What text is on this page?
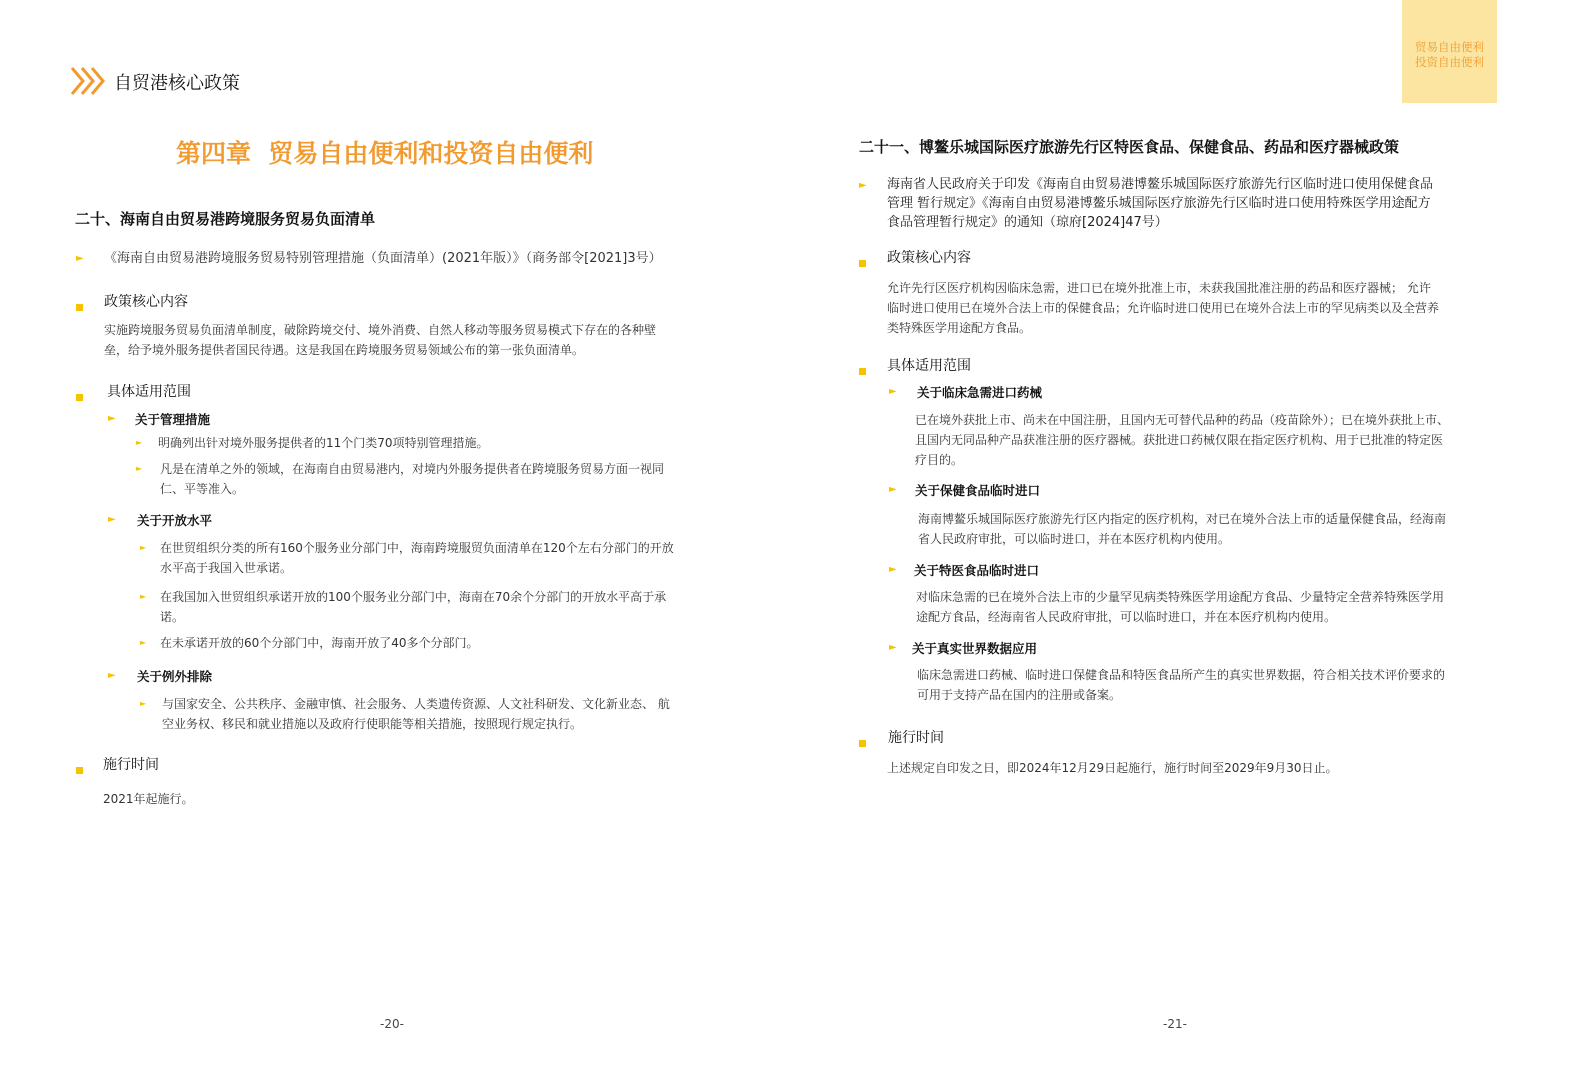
自贸港核心政策
第四章  贸易自由便利和投资自由便利
二十、海南自由贸易港跨境服务贸易负面清单
► 《海南自由贸易港跨境服务贸易特别管理措施（负面清单）(2021年版）》（商务部令[2021]3号）
政策核心内容
实施跨境服务贸易负面清单制度，破除跨境交付、境外消费、自然人移动等服务贸易模式下存在的各种壁
垒，给予境外服务提供者国民待遇。这是我国在跨境服务贸易领域公布的第一张负面清单。
具体适用范围
► 关于管理措施
► 明确列出针对境外服务提供者的11个门类70项特别管理措施。
► 凡是在清单之外的领域，在海南自由贸易港内，对境内外服务提供者在跨境服务贸易方面一视同
仁、平等准入。
► 关于开放水平
► 在世贸组织分类的所有160个服务业分部门中，海南跨境服贸负面清单在120个左右分部门的开放
水平高于我国入世承诺。
► 在我国加入世贸组织承诺开放的100个服务业分部门中，海南在70余个分部门的开放水平高于承
诺。
► 在未承诺开放的60个分部门中，海南开放了40多个分部门。
► 关于例外排除
► 与国家安全、公共秩序、金融审慎、社会服务、人类遗传资源、人文社科研发、文化新业态、 航
空业务权、移民和就业措施以及政府行使职能等相关措施，按照现行规定执行。
施行时间
2021年起施行。
-20-
贸易自由便利
投资自由便利
二十一、博鳌乐城国际医疗旅游先行区特医食品、保健食品、药品和医疗器械政策
► 海南省人民政府关于印发《海南自由贸易港博鳌乐城国际医疗旅游先行区临时进口使用保健食品
管理 暂行规定》《海南自由贸易港博鳌乐城国际医疗旅游先行区临时进口使用特殊医学用途配方
食品管理暂行规定》的通知（琼府[2024]47号）
政策核心内容
允许先行区医疗机构因临床急需，进口已在境外批准上市，未获我国批准注册的药品和医疗器械； 允许
临时进口使用已在境外合法上市的保健食品；允许临时进口使用已在境外合法上市的罕见病类以及全营养
类特殊医学用途配方食品。
具体适用范围
► 关于临床急需进口药械
已在境外获批上市、尚未在中国注册，且国内无可替代品种的药品（疫苗除外）；已在境外获批上市、
且国内无同品种产品获准注册的医疗器械。获批进口药械仅限在指定医疗机构、用于已批准的特定医
疗目的。
► 关于保健食品临时进口
海南博鳌乐城国际医疗旅游先行区内指定的医疗机构，对已在境外合法上市的适量保健食品，经海南
省人民政府审批，可以临时进口，并在本医疗机构内使用。
► 关于特医食品临时进口
对临床急需的已在境外合法上市的少量罕见病类特殊医学用途配方食品、少量特定全营养特殊医学用
途配方食品，经海南省人民政府审批，可以临时进口，并在本医疗机构内使用。
► 关于真实世界数据应用
临床急需进口药械、临时进口保健食品和特医食品所产生的真实世界数据，符合相关技术评价要求的
可用于支持产品在国内的注册或备案。
施行时间
上述规定自印发之日，即2024年12月29日起施行，施行时间至2029年9月30日止。
-21-
